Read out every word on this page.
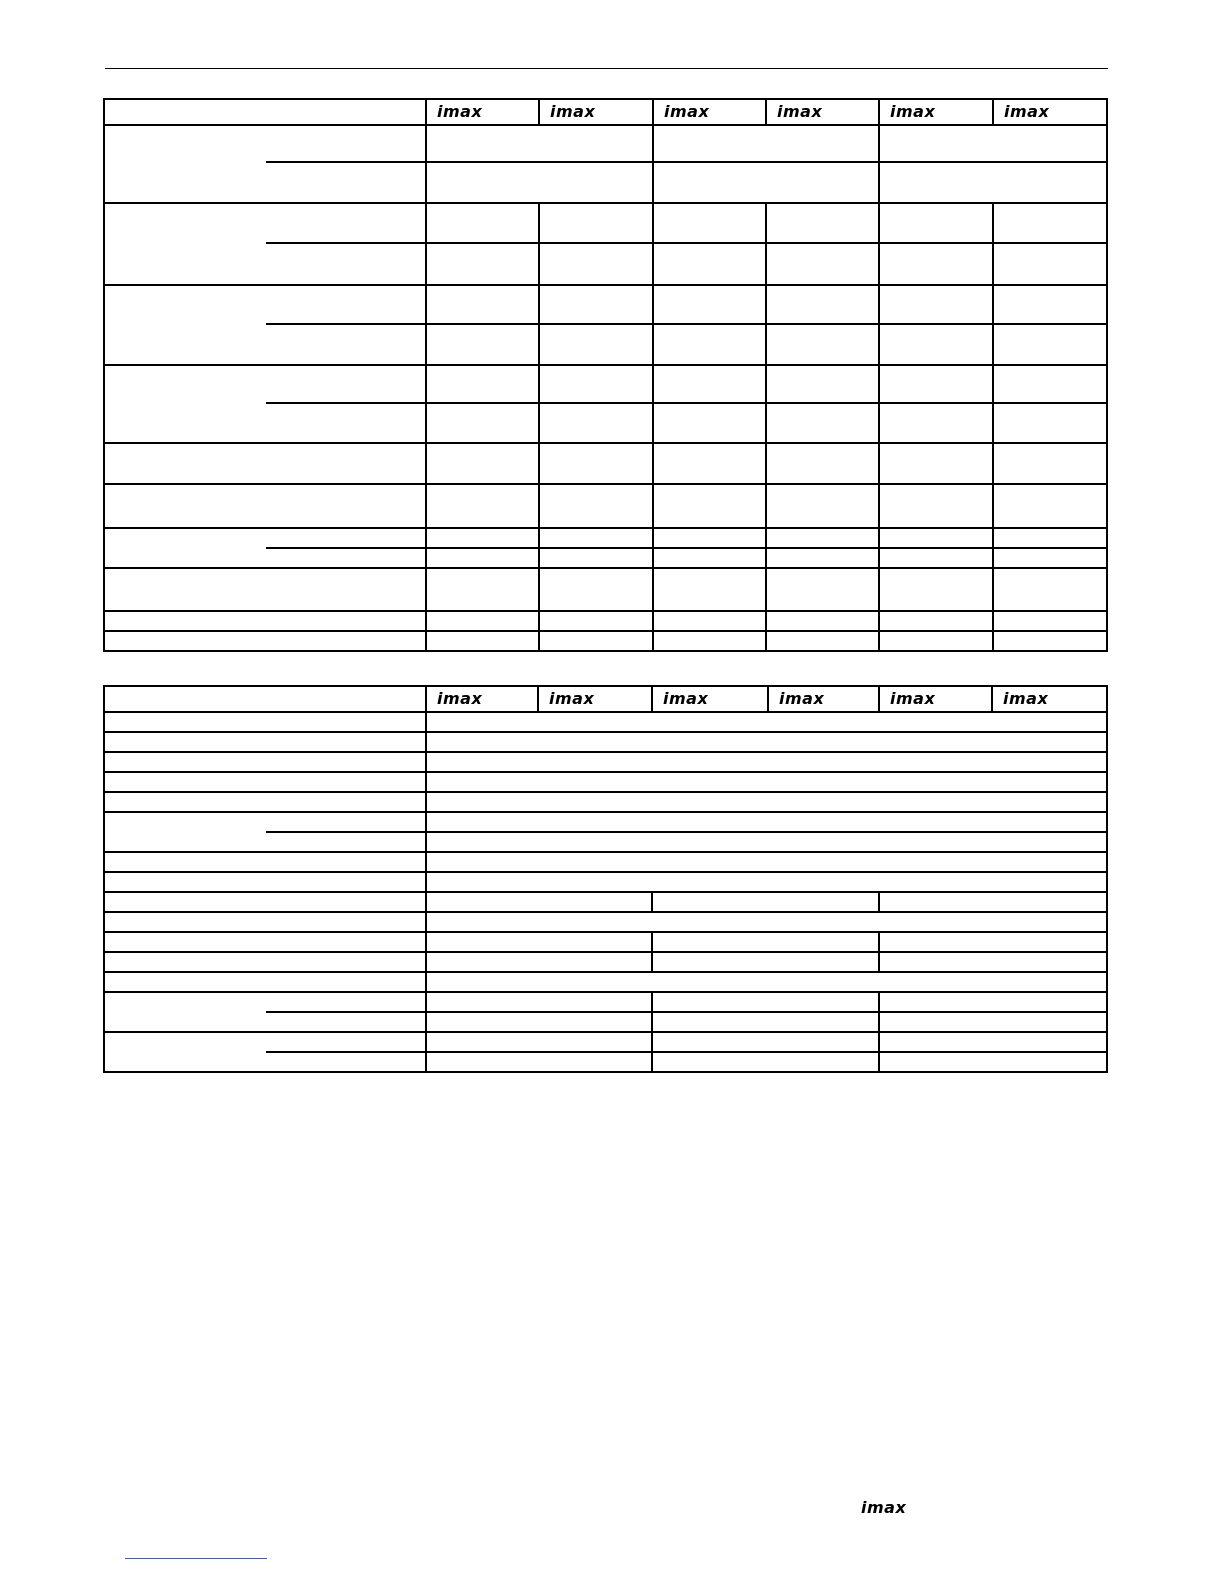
		imax	imax	imax	imax	imax	imax

		imax	imax	imax	imax	imax	imax

imax
